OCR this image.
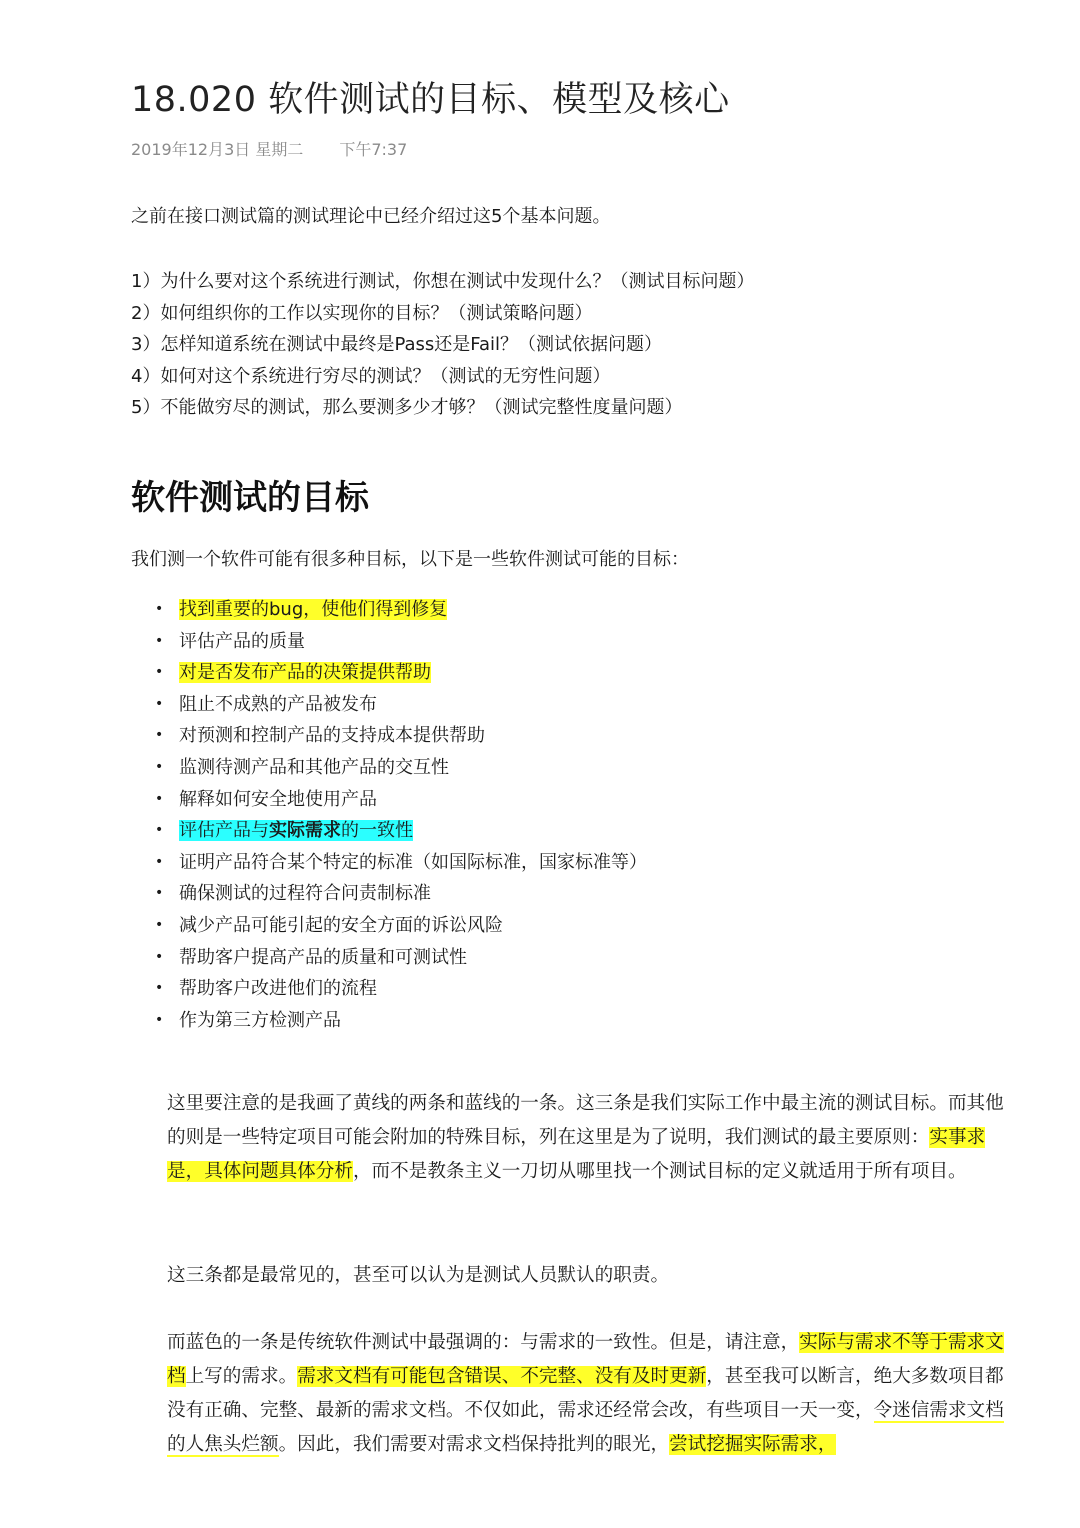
18.020 软件测试的目标、模型及核心
2019年12月3日 星期二 下午7:37
之前在接口测试篇的测试理论中已经介绍过这5个基本问题。
1）为什么要对这个系统进行测试，你想在测试中发现什么？（测试目标问题）
2）如何组织你的工作以实现你的目标？（测试策略问题）
3）怎样知道系统在测试中最终是Pass还是Fail？（测试依据问题）
4）如何对这个系统进行穷尽的测试？（测试的无穷性问题）
5）不能做穷尽的测试，那么要测多少才够？（测试完整性度量问题）
软件测试的目标
我们测一个软件可能有很多种目标，以下是一些软件测试可能的目标：
• 找到重要的bug，使他们得到修复
• 评估产品的质量
• 对是否发布产品的决策提供帮助
• 阻止不成熟的产品被发布
• 对预测和控制产品的支持成本提供帮助
• 监测待测产品和其他产品的交互性
• 解释如何安全地使用产品
• 评估产品与实际需求的一致性
• 证明产品符合某个特定的标准（如国际标准，国家标准等）
• 确保测试的过程符合问责制标准
• 减少产品可能引起的安全方面的诉讼风险
• 帮助客户提高产品的质量和可测试性
• 帮助客户改进他们的流程
• 作为第三方检测产品

这里要注意的是我画了黄线的两条和蓝线的一条。这三条是我们实际工作中最主流的测试目标。而其他的则是一些特定项目可能会附加的特殊目标，列在这里是为了说明，我们测试的最主要原则：实事求是，具体问题具体分析，而不是教条主义一刀切从哪里找一个测试目标的定义就适用于所有项目。

这三条都是最常见的，甚至可以认为是测试人员默认的职责。

而蓝色的一条是传统软件测试中最强调的：与需求的一致性。但是，请注意，实际与需求不等于需求文档上写的需求。需求文档有可能包含错误、不完整、没有及时更新，甚至我可以断言，绝大多数项目都没有正确、完整、最新的需求文档。不仅如此，需求还经常会改，有些项目一天一变，令迷信需求文档的人焦头烂额。因此，我们需要对需求文档保持批判的眼光，尝试挖掘实际需求，
